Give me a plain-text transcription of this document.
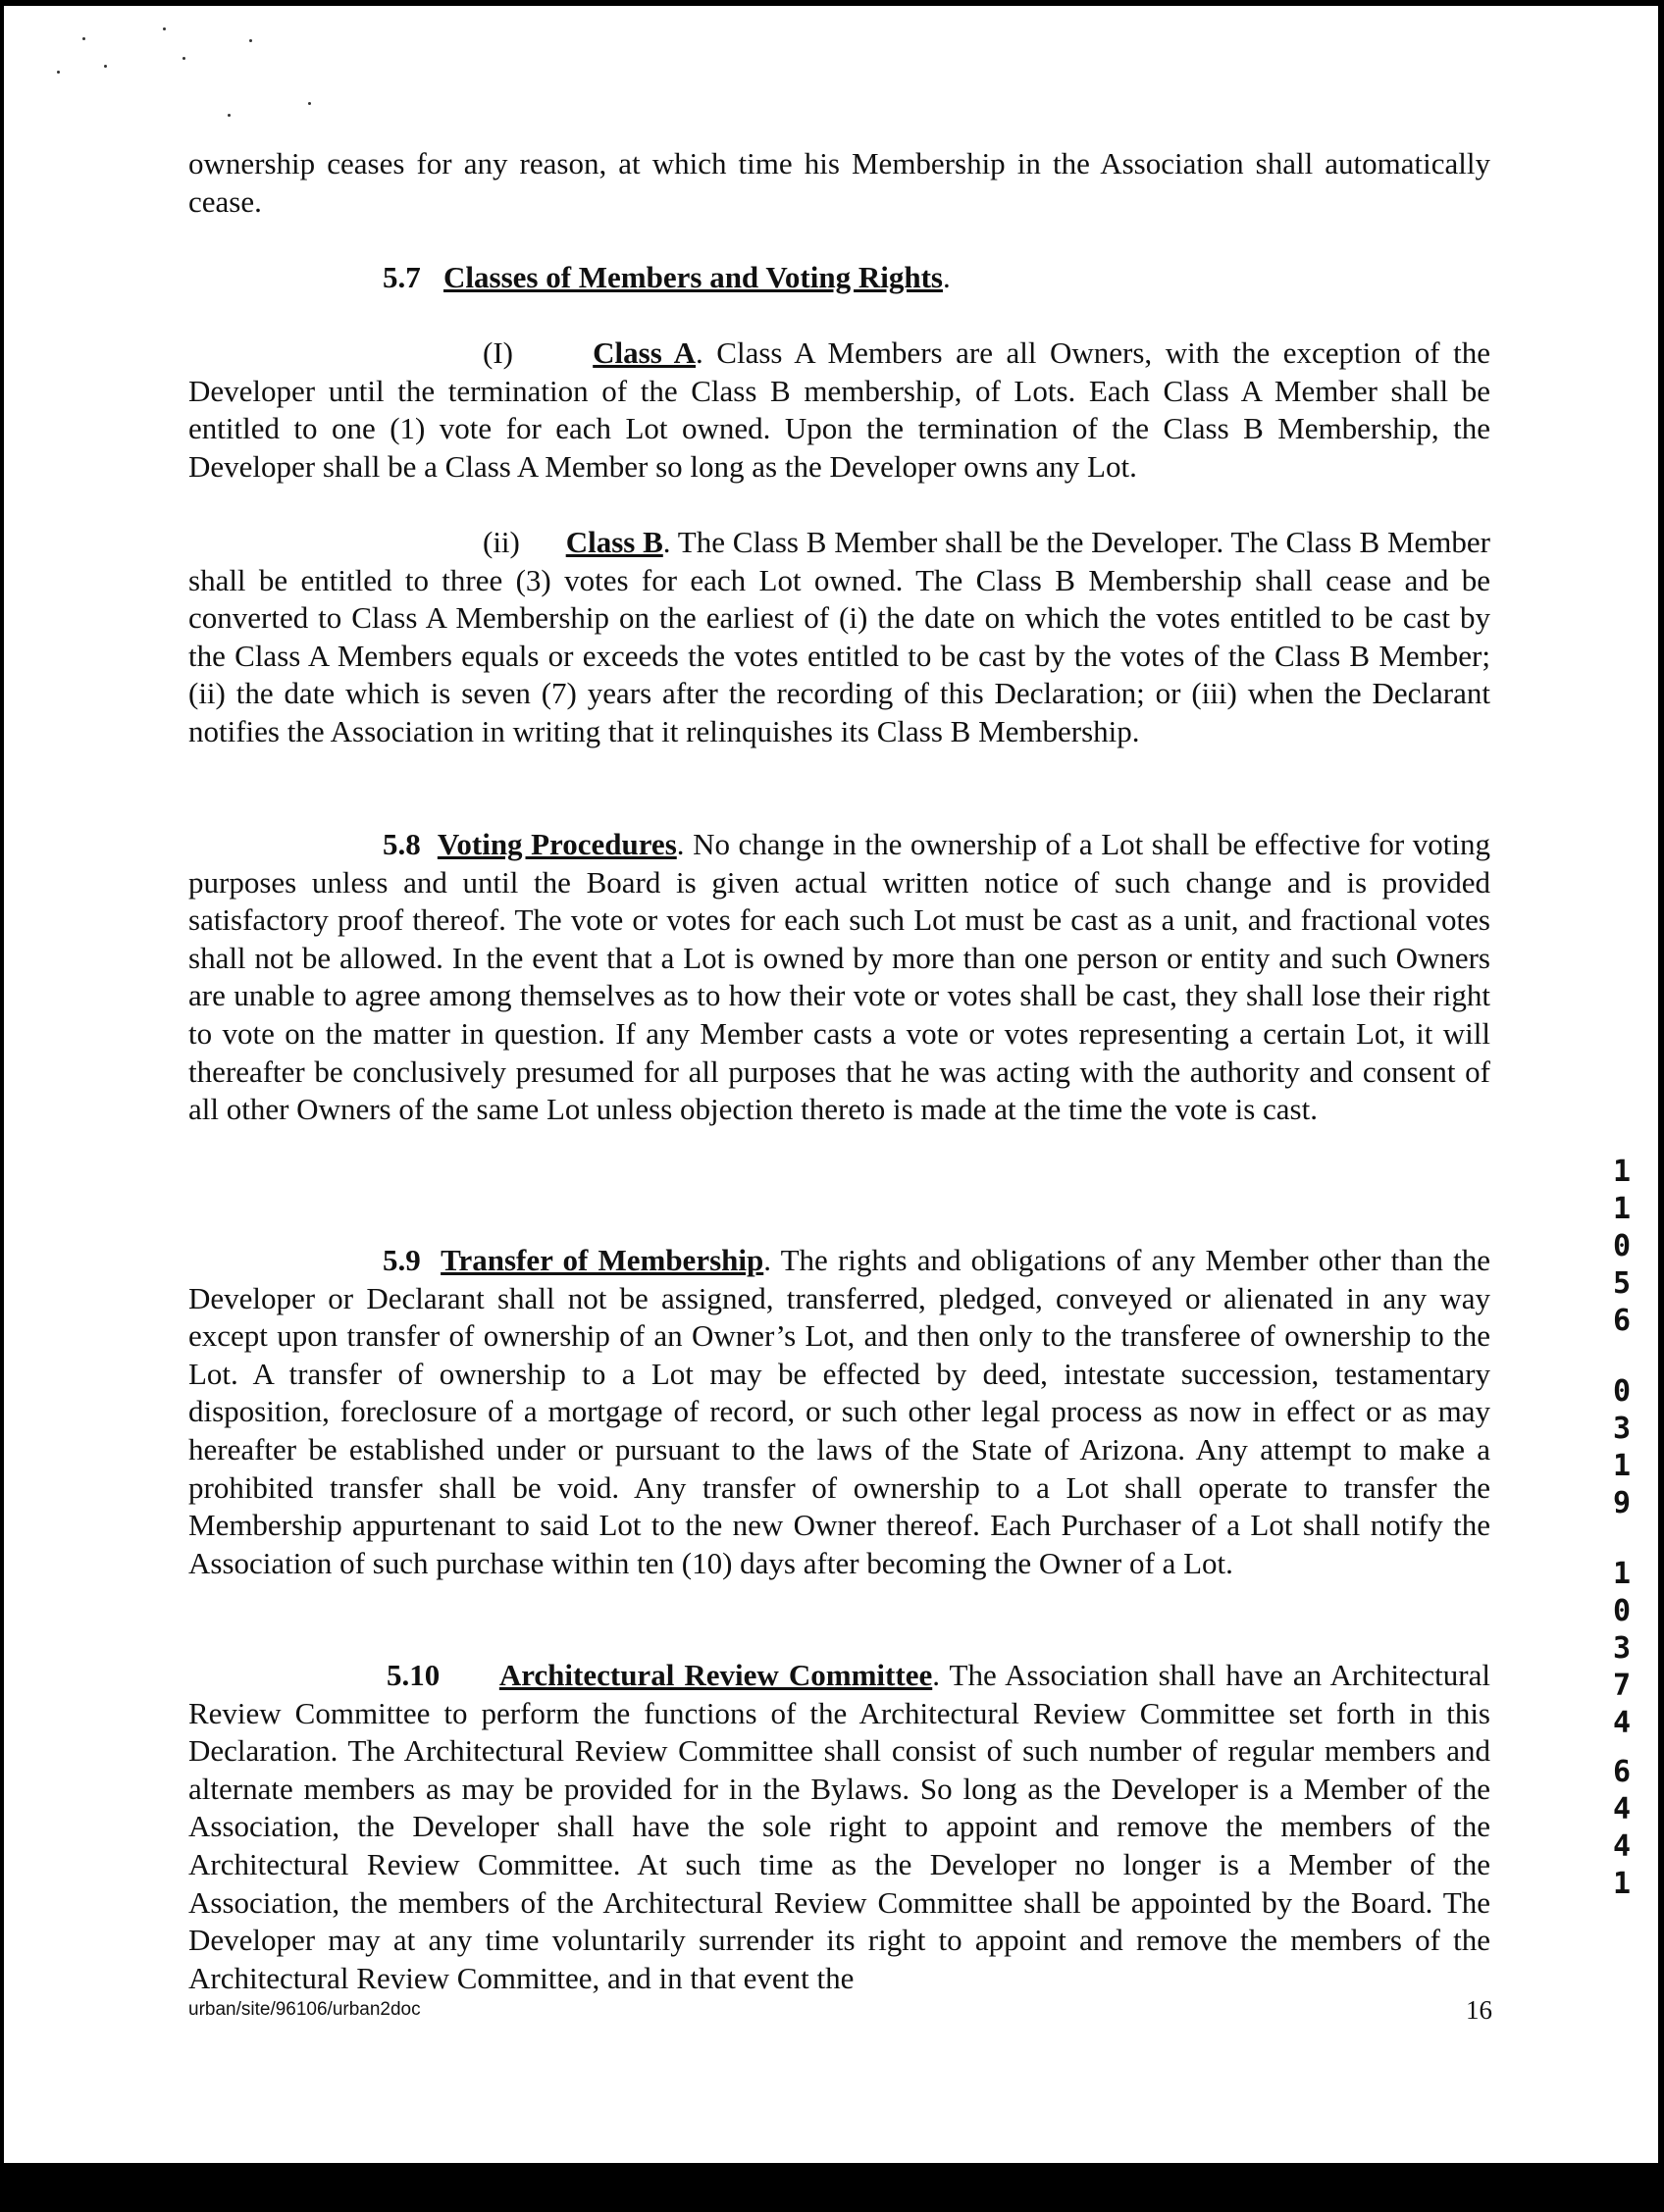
ownership ceases for any reason, at which time his Membership in the Association shall automatically cease.

5.7 Classes of Members and Voting Rights.

(I)	Class A. Class A Members are all Owners, with the exception of the Developer until the termination of the Class B membership, of Lots. Each Class A Member shall be entitled to one (1) vote for each Lot owned. Upon the termination of the Class B Membership, the Developer shall be a Class A Member so long as the Developer owns any Lot.

(ii) Class B. The Class B Member shall be the Developer. The Class B Member shall be entitled to three (3) votes for each Lot owned. The Class B Membership shall cease and be converted to Class A Membership on the earliest of (i) the date on which the votes entitled to be cast by the Class A Members equals or exceeds the votes entitled to be cast by the votes of the Class B Member; (ii) the date which is seven (7) years after the recording of this Declaration; or (iii) when the Declarant notifies the Association in writing that it relinquishes its Class B Membership.

5.8 Voting Procedures. No change in the ownership of a Lot shall be effective for voting purposes unless and until the Board is given actual written notice of such change and is provided satisfactory proof thereof. The vote or votes for each such Lot must be cast as a unit, and fractional votes shall not be allowed. In the event that a Lot is owned by more than one person or entity and such Owners are unable to agree among themselves as to how their vote or votes shall be cast, they shall lose their right to vote on the matter in question. If any Member casts a vote or votes representing a certain Lot, it will thereafter be conclusively presumed for all purposes that he was acting with the authority and consent of all other Owners of the same Lot unless objection thereto is made at the time the vote is cast.

5.9 Transfer of Membership. The rights and obligations of any Member other than the Developer or Declarant shall not be assigned, transferred, pledged, conveyed or alienated in any way except upon transfer of ownership of an Owner’s Lot, and then only to the transferee of ownership to the Lot. A transfer of ownership to a Lot may be effected by deed, intestate succession, testamentary disposition, foreclosure of a mortgage of record, or such other legal process as now in effect or as may hereafter be established under or pursuant to the laws of the State of Arizona. Any attempt to make a prohibited transfer shall be void. Any transfer of ownership to a Lot shall operate to transfer the Membership appurtenant to said Lot to the new Owner thereof. Each Purchaser of a Lot shall notify the Association of such purchase within ten (10) days after becoming the Owner of a Lot.

5.10 Architectural Review Committee. The Association shall have an Architectural Review Committee to perform the functions of the Architectural Review Committee set forth in this Declaration. The Architectural Review Committee shall consist of such number of regular members and alternate members as may be provided for in the Bylaws. So long as the Developer is a Member of the Association, the Developer shall have the sole right to appoint and remove the members of the Architectural Review Committee. At such time as the Developer no longer is a Member of the Association, the members of the Architectural Review Committee shall be appointed by the Board. The Developer may at any time voluntarily surrender its right to appoint and remove the members of the Architectural Review Committee, and in that event the

urban/site/96106/urban2doc	16
1
1
0
5
6
0
3
1
9
1
0
3
7
4
6
4
4
1
